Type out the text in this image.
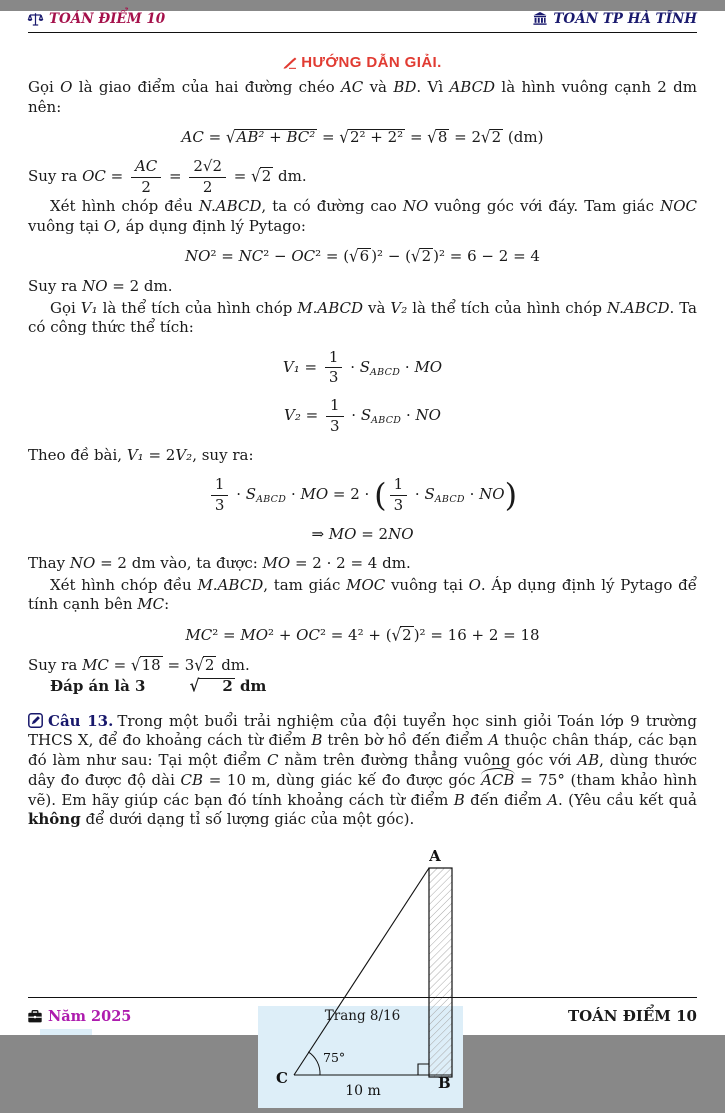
TOÁN ĐIỂM 10	TOÁN TP HÀ TĨNH
HƯỚNG DẪN GIẢI.
Gọi O là giao điểm của hai đường chéo AC và BD. Vì ABCD là hình vuông cạnh 2 dm nên:
AC = √AB² + BC² = √2² + 2² = √8 = 2√2 (dm)
Suy ra OC = $\frac{AC}{2} = \frac{2√2}{2} = √2$ dm.
Xét hình chóp đều N.ABCD, ta có đường cao NO vuông góc với đáy. Tam giác NOC vuông tại O, áp dụng định lý Pytago:
NO² = NC² − OC² = (√6 )² − (√2 )² = 6 − 2 = 4
Suy ra NO = 2 dm.
Gọi V₁ là thể tích của hình chóp M.ABCD và V₂ là thể tích của hình chóp N.ABCD. Ta có công thức thể tích:
$V_1 = \frac{1}{3} \cdot S_{ABCD}$ · MO
$V_2 = \frac{1}{3} \cdot S_{ABCD}$ · NO
Theo đề bài, V₁ = 2V₂, suy ra:
$\frac{1}{3} \cdot S_{ABCD}$ · MO = 2 · ( $\frac{1}{3} \cdot S_{ABCD} \cdot NO$)
⇒ MO = 2NO
Thay NO = 2 dm vào, ta được: MO = 2 · 2 = 4 dm.
Xét hình chóp đều M.ABCD, tam giác MOC vuông tại O. Áp dụng định lý Pytago để tính cạnh bên MC:
MC² = MO² + OC² = 4² + (√2 )² = 16 + 2 = 18
Suy ra MC = √18 = 3√2 dm.
Đáp án là 3	√ 2 dm
Câu 13. Trong một buổi trải nghiệm của đội tuyển học sinh giỏi Toán lớp 9 trường THCS X, để đo khoảng cách từ điểm B trên bờ hồ đến điểm A thuộc chân tháp, các bạn đó làm như sau: Tại một điểm C nằm trên đường thẳng vuông góc với AB, dùng thước dây đo được độ dài CB = 10 m, dùng giác kế đo được góc ACB = 75° (tham khảo hình vẽ). Em hãy giúp các bạn đó tính khoảng cách từ điểm B đến điểm A. (Yêu cầu kết quả không để dưới dạng tỉ số lượng giác của một góc).
A
C	B
75°
10 m
Năm 2025	Trang 8/16	TOÁN ĐIỂM 10
